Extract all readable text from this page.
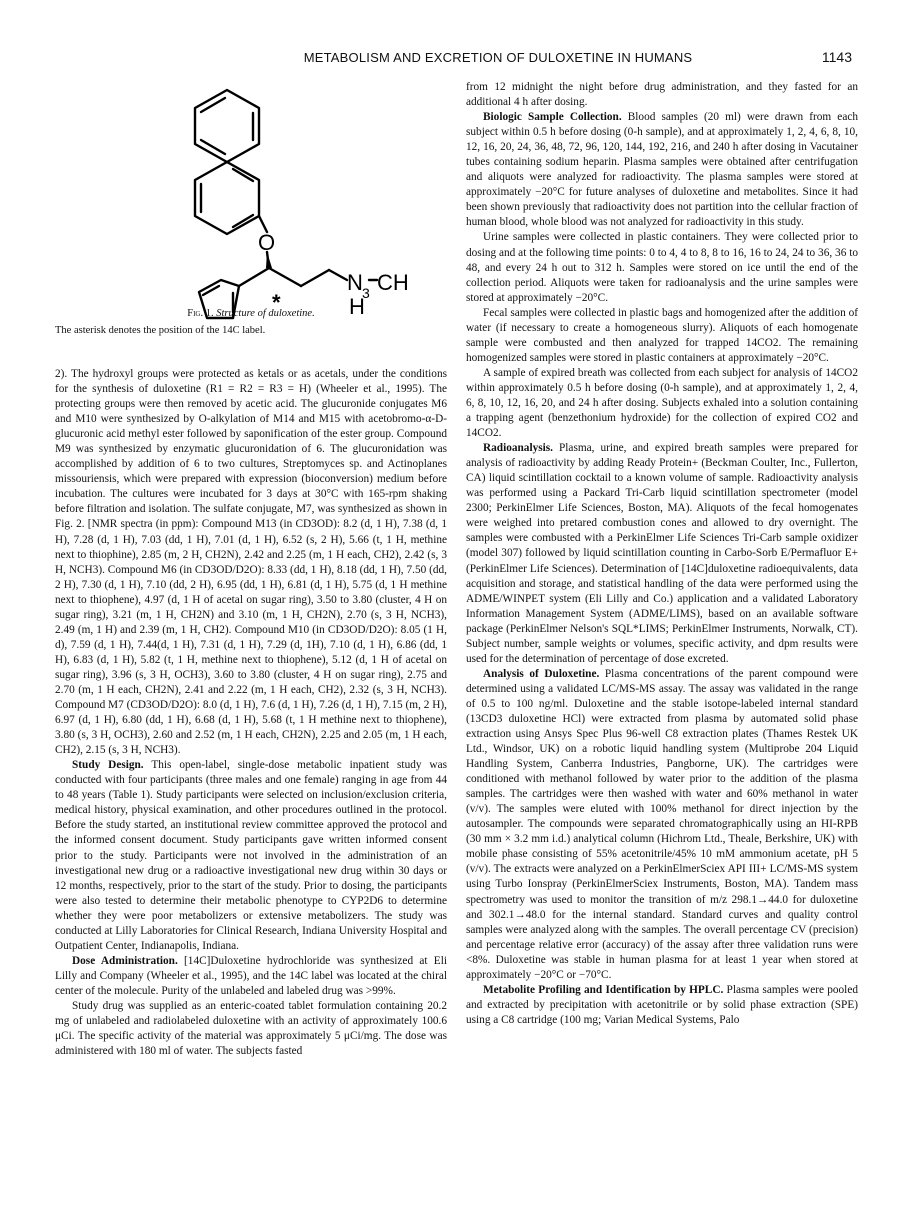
METABOLISM AND EXCRETION OF DULOXETINE IN HUMANS	1143
O
*
N
H
CH
3
Fig. 1. Structure of duloxetine.
The asterisk denotes the position of the 14C label.

2). The hydroxyl groups were protected as ketals or as acetals, under the conditions for the synthesis of duloxetine (R1 = R2 = R3 = H) (Wheeler et al., 1995). The protecting groups were then removed by acetic acid. The glucuronide conjugates M6 and M10 were synthesized by O-alkylation of M14 and M15 with acetobromo-α-D-glucuronic acid methyl ester followed by saponification of the ester group. Compound M9 was synthesized by enzymatic glucuronidation of 6. The glucuronidation was accomplished by addition of 6 to two cultures, Streptomyces sp. and Actinoplanes missouriensis, which were prepared with expression (bioconversion) medium before incubation. The cultures were incubated for 3 days at 30°C with 165-rpm shaking before filtration and isolation. The sulfate conjugate, M7, was synthesized as shown in Fig. 2. [NMR spectra (in ppm): Compound M13 (in CD3OD): 8.2 (d, 1 H), 7.38 (d, 1 H), 7.28 (d, 1 H), 7.03 (dd, 1 H), 7.01 (d, 1 H), 6.52 (s, 2 H), 5.66 (t, 1 H, methine next to thiophine), 2.85 (m, 2 H, CH2N), 2.42 and 2.25 (m, 1 H each, CH2), 2.42 (s, 3 H, NCH3). Compound M6 (in CD3OD/D2O): 8.33 (dd, 1 H), 8.18 (dd, 1 H), 7.50 (dd, 2 H), 7.30 (d, 1 H), 7.10 (dd, 2 H), 6.95 (dd, 1 H), 6.81 (d, 1 H), 5.75 (d, 1 H methine next to thiophene), 4.97 (d, 1 H of acetal on sugar ring), 3.50 to 3.80 (cluster, 4 H on sugar ring), 3.21 (m, 1 H, CH2N) and 3.10 (m, 1 H, CH2N), 2.70 (s, 3 H, NCH3), 2.49 (m, 1 H) and 2.39 (m, 1 H, CH2). Compound M10 (in CD3OD/D2O): 8.05 (1 H, d), 7.59 (d, 1 H), 7.44(d, 1 H), 7.31 (d, 1 H), 7.29 (d, 1H), 7.10 (d, 1 H), 6.86 (dd, 1 H), 6.83 (d, 1 H), 5.82 (t, 1 H, methine next to thiophene), 5.12 (d, 1 H of acetal on sugar ring), 3.96 (s, 3 H, OCH3), 3.60 to 3.80 (cluster, 4 H on sugar ring), 2.75 and 2.70 (m, 1 H each, CH2N), 2.41 and 2.22 (m, 1 H each, CH2), 2.32 (s, 3 H, NCH3). Compound M7 (CD3OD/D2O): 8.0 (d, 1 H), 7.6 (d, 1 H), 7.26 (d, 1 H), 7.15 (m, 2 H), 6.97 (d, 1 H), 6.80 (dd, 1 H), 6.68 (d, 1 H), 5.68 (t, 1 H methine next to thiophene), 3.80 (s, 3 H, OCH3), 2.60 and 2.52 (m, 1 H each, CH2N), 2.25 and 2.05 (m, 1 H each, CH2), 2.15 (s, 3 H, NCH3).

Study Design. This open-label, single-dose metabolic inpatient study was conducted with four participants (three males and one female) ranging in age from 44 to 48 years (Table 1). Study participants were selected on inclusion/exclusion criteria, medical history, physical examination, and other procedures outlined in the protocol. Before the study started, an institutional review committee approved the protocol and the informed consent document. Study participants gave written informed consent prior to the study. Participants were not involved in the administration of an investigational new drug or a radioactive investigational new drug within 30 days or 12 months, respectively, prior to the start of the study. Prior to dosing, the participants were also tested to determine their metabolic phenotype to CYP2D6 to determine whether they were poor metabolizers or extensive metabolizers. The study was conducted at Lilly Laboratories for Clinical Research, Indiana University Hospital and Outpatient Center, Indianapolis, Indiana.

Dose Administration. [14C]Duloxetine hydrochloride was synthesized at Eli Lilly and Company (Wheeler et al., 1995), and the 14C label was located at the chiral center of the molecule. Purity of the unlabeled and labeled drug was >99%.

Study drug was supplied as an enteric-coated tablet formulation containing 20.2 mg of unlabeled and radiolabeled duloxetine with an activity of approximately 100.6 μCi. The specific activity of the material was approximately 5 μCi/mg. The dose was administered with 180 ml of water. The subjects fasted

from 12 midnight the night before drug administration, and they fasted for an additional 4 h after dosing.

Biologic Sample Collection. Blood samples (20 ml) were drawn from each subject within 0.5 h before dosing (0-h sample), and at approximately 1, 2, 4, 6, 8, 10, 12, 16, 20, 24, 36, 48, 72, 96, 120, 144, 192, 216, and 240 h after dosing in Vacutainer tubes containing sodium heparin. Plasma samples were obtained after centrifugation and aliquots were analyzed for radioactivity. The plasma samples were stored at approximately −20°C for future analyses of duloxetine and metabolites. Since it had been shown previously that radioactivity does not partition into the cellular fraction of human blood, whole blood was not analyzed for radioactivity in this study.

Urine samples were collected in plastic containers. They were collected prior to dosing and at the following time points: 0 to 4, 4 to 8, 8 to 16, 16 to 24, 24 to 36, 36 to 48, and every 24 h out to 312 h. Samples were stored on ice until the end of the collection period. Aliquots were taken for radioanalysis and the urine samples were stored at approximately −20°C.

Fecal samples were collected in plastic bags and homogenized after the addition of water (if necessary to create a homogeneous slurry). Aliquots of each homogenate sample were combusted and then analyzed for trapped 14CO2. The remaining homogenized samples were stored in plastic containers at approximately −20°C.

A sample of expired breath was collected from each subject for analysis of 14CO2 within approximately 0.5 h before dosing (0-h sample), and at approximately 1, 2, 4, 6, 8, 10, 12, 16, 20, and 24 h after dosing. Subjects exhaled into a solution containing a trapping agent (benzethonium hydroxide) for the collection of expired CO2 and 14CO2.

Radioanalysis. Plasma, urine, and expired breath samples were prepared for analysis of radioactivity by adding Ready Protein+ (Beckman Coulter, Inc., Fullerton, CA) liquid scintillation cocktail to a known volume of sample. Radioactivity analysis was performed using a Packard Tri-Carb liquid scintillation spectrometer (model 2300; PerkinElmer Life Sciences, Boston, MA). Aliquots of the fecal homogenates were weighed into pretared combustion cones and allowed to dry overnight. The samples were combusted with a PerkinElmer Life Sciences Tri-Carb sample oxidizer (model 307) followed by liquid scintillation counting in Carbo-Sorb E/Permafluor E+ (PerkinElmer Life Sciences). Determination of [14C]duloxetine radioequivalents, data acquisition and storage, and statistical handling of the data were performed using the ADME/WINPET system (Eli Lilly and Co.) application and a validated Laboratory Information Management System (ADME/LIMS), based on an available software package (PerkinElmer Nelson's SQL*LIMS; PerkinElmer Instruments, Norwalk, CT). Subject number, sample weights or volumes, specific activity, and dpm results were used for the determination of percentage of dose excreted.

Analysis of Duloxetine. Plasma concentrations of the parent compound were determined using a validated LC/MS-MS assay. The assay was validated in the range of 0.5 to 100 ng/ml. Duloxetine and the stable isotope-labeled internal standard (13CD3 duloxetine HCl) were extracted from plasma by automated solid phase extraction using Ansys Spec Plus 96-well C8 extraction plates (Thames Restek UK Ltd., Windsor, UK) on a robotic liquid handling system (Multiprobe 204 Liquid Handling System, Canberra Industries, Pangborne, UK). The cartridges were conditioned with methanol followed by water prior to the addition of the plasma samples. The cartridges were then washed with water and 60% methanol in water (v/v). The samples were eluted with 100% methanol for direct injection by the autosampler. The compounds were separated chromatographically using an HI-RPB (30 mm × 3.2 mm i.d.) analytical column (Hichrom Ltd., Theale, Berkshire, UK) with mobile phase consisting of 55% acetonitrile/45% 10 mM ammonium acetate, pH 5 (v/v). The extracts were analyzed on a PerkinElmerSciex API III+ LC/MS-MS system using Turbo Ionspray (PerkinElmerSciex Instruments, Boston, MA). Tandem mass spectrometry was used to monitor the transition of m/z 298.1→44.0 for duloxetine and 302.1→48.0 for the internal standard. Standard curves and quality control samples were analyzed along with the samples. The overall percentage CV (precision) and percentage relative error (accuracy) of the assay after three validation runs were <8%. Duloxetine was stable in human plasma for at least 1 year when stored at approximately −20°C or −70°C.

Metabolite Profiling and Identification by HPLC. Plasma samples were pooled and extracted by precipitation with acetonitrile or by solid phase extraction (SPE) using a C8 cartridge (100 mg; Varian Medical Systems, Palo
